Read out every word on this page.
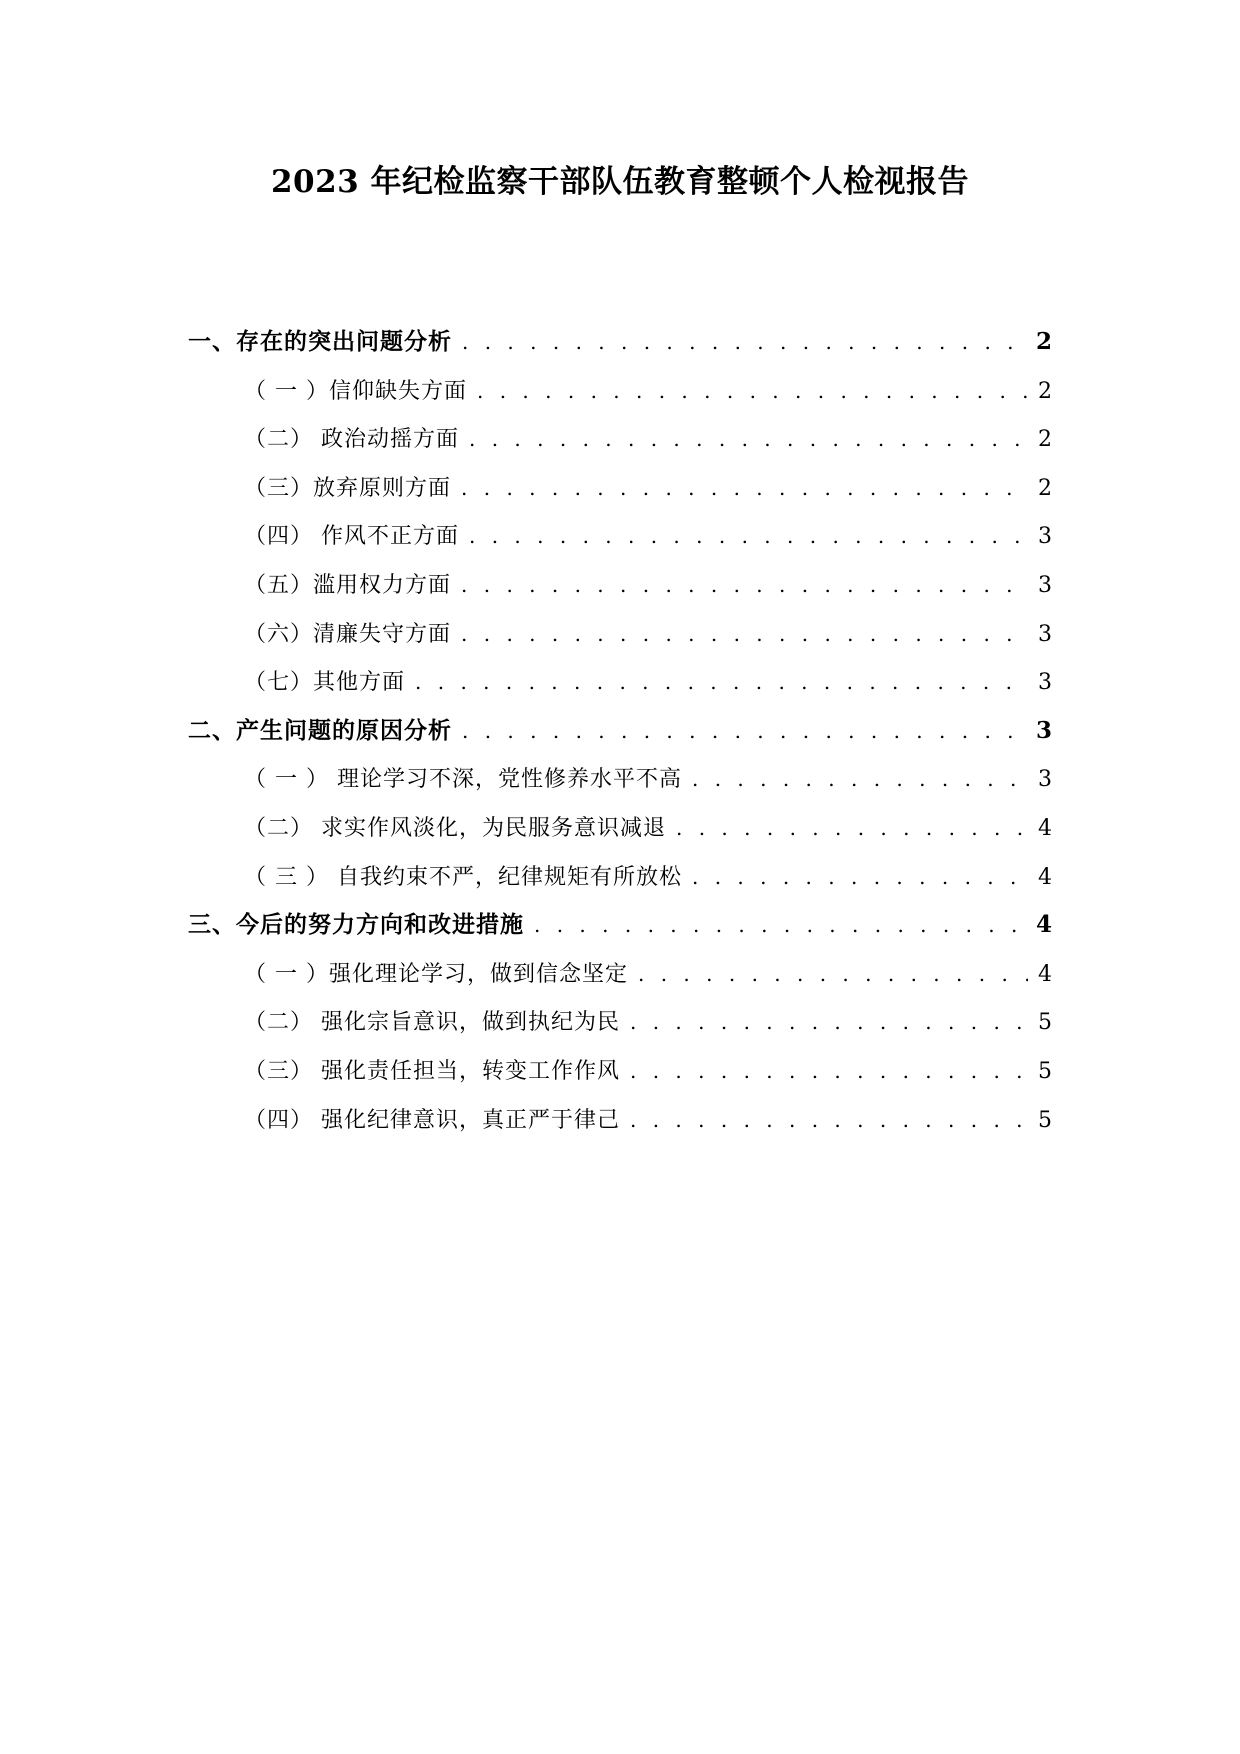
2023 年纪检监察干部队伍教育整顿个人检视报告
一、存在的突出问题分析 . . .	2
（ 一 ）信仰缺失方面 . . .	2
（二） 政治动摇方面 . . .	2
（三）放弃原则方面 . . .	2
（四） 作风不正方面 . . .	3
（五）滥用权力方面 . . .	3
（六）清廉失守方面 . . .	3
（七）其他方面 . . .	3
二、产生问题的原因分析 . . .	3
（ 一 ） 理论学习不深，党性修养水平不高 . . .	3
（二） 求实作风淡化，为民服务意识减退 . . .	4
（ 三 ） 自我约束不严，纪律规矩有所放松 . . .	4
三、今后的努力方向和改进措施 . . .	4
（ 一 ）强化理论学习，做到信念坚定 . . .	4
（二） 强化宗旨意识，做到执纪为民 . . .	5
（三） 强化责任担当，转变工作作风 . . .	5
（四） 强化纪律意识，真正严于律己 . . .	5
